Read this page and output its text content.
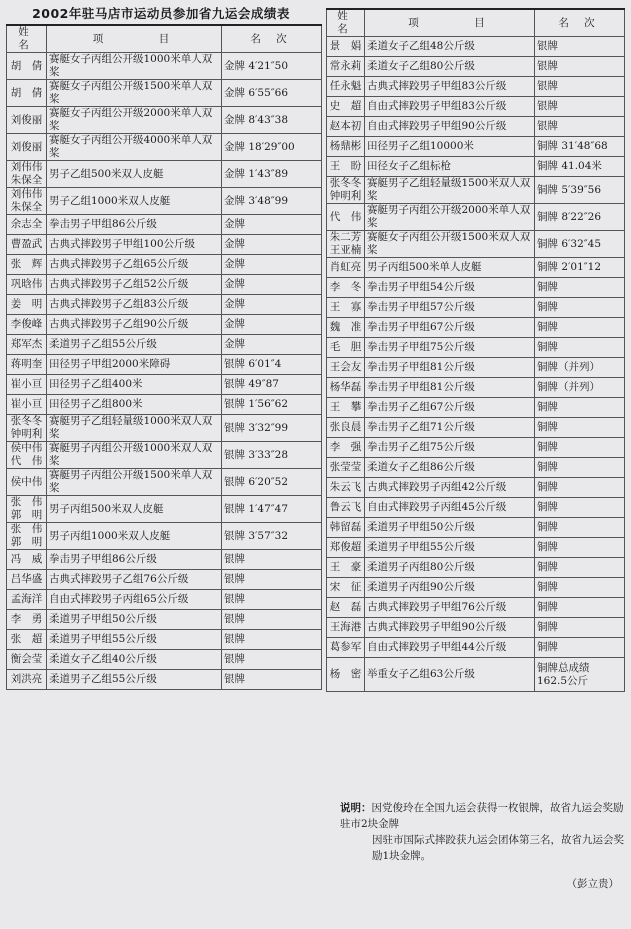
2002年驻马店市运动员参加省九运会成绩表
姓 名	项　　　目	名 次
胡　倩	赛艇女子丙组公开级1000米单人双桨	金牌 4′21″50
胡　倩	赛艇女子丙组公开级1500米单人双桨	金牌 6′55″66
刘俊丽	赛艇女子丙组公开级2000米单人双桨	金牌 8′43″38
刘俊丽	赛艇女子丙组公开级4000米单人双桨	金牌 18′29″00
刘伟伟 朱保全	男子乙组500米双人皮艇	金牌 1′43″89
刘伟伟 朱保全	男子乙组1000米双人皮艇	金牌 3′48″99
余志全	拳击男子甲组86公斤级	金牌
曹盈武	古典式摔跤男子甲组100公斤级	金牌
张　辉	古典式摔跤男子乙组65公斤级	金牌
巩晗伟	古典式摔跤男子乙组52公斤级	金牌
姜　明	古典式摔跤男子乙组83公斤级	金牌
李俊峰	古典式摔跤男子乙组90公斤级	金牌
郑军杰	柔道男子乙组55公斤级	金牌
蒋明奎	田径男子甲组2000米障碍	银牌 6′01″4
崔小亘	田径男子乙组400米	银牌 49″87
崔小亘	田径男子乙组800米	银牌 1′56″62
张冬冬 钟明利	赛艇男子乙组轻量级1000米双人双桨	银牌 3′32″99
侯中伟 代　伟	赛艇男子丙组公开级1000米双人双桨	银牌 3′33″28
侯中伟	赛艇男子丙组公开级1500米单人双桨	银牌 6′20″52
张　伟 郭　明	男子丙组500米双人皮艇	银牌 1′47″47
张　伟 郭　明	男子丙组1000米双人皮艇	银牌 3′57″32
冯　威	拳击男子甲组86公斤级	银牌
吕华盛	古典式摔跤男子乙组76公斤级	银牌
孟海洋	自由式摔跤男子丙组65公斤级	银牌
李　勇	柔道男子甲组50公斤级	银牌
张　超	柔道男子甲组55公斤级	银牌
衡会莹	柔道女子乙组40公斤级	银牌
刘洪亮	柔道男子乙组55公斤级	银牌
姓 名	项　　　目	名 次
景　娟	柔道女子乙组48公斤级	银牌
常永莉	柔道女子乙组80公斤级	银牌
任永魁	古典式摔跤男子甲组83公斤级	银牌
史　超	自由式摔跤男子甲组83公斤级	银牌
赵本初	自由式摔跤男子甲组90公斤级	银牌
杨鼎彬	田径男子乙组10000米	铜牌 31′48″68
王　盼	田径女子乙组标枪	铜牌 41.04米
张冬冬 钟明利	赛艇男子乙组轻量级1500米双人双桨	铜牌 5′39″56
代　伟	赛艇男子丙组公开级2000米单人双桨	铜牌 8′22″26
朱二芳 王亚楠	赛艇女子丙组公开级1500米双人双桨	铜牌 6′32″45
肖虹亮	男子丙组500米单人皮艇	铜牌 2′01″12
李　冬	拳击男子甲组54公斤级	铜牌
王　寡	拳击男子甲组57公斤级	铜牌
魏　准	拳击男子甲组67公斤级	铜牌
毛　胆	拳击男子甲组75公斤级	铜牌
王会友	拳击男子甲组81公斤级	铜牌（并列）
杨华磊	拳击男子甲组81公斤级	铜牌（并列）
王　攀	拳击男子乙组67公斤级	铜牌
张良晨	拳击男子乙组71公斤级	铜牌
李　强	拳击男子乙组75公斤级	铜牌
张莹莹	柔道女子乙组86公斤级	铜牌
朱云飞	古典式摔跤男子丙组42公斤级	铜牌
鲁云飞	自由式摔跤男子丙组45公斤级	铜牌
韩留磊	柔道男子甲组50公斤级	铜牌
郑俊超	柔道男子甲组55公斤级	铜牌
王　豪	柔道男子丙组80公斤级	铜牌
宋　征	柔道男子丙组90公斤级	铜牌
赵　磊	古典式摔跤男子甲组76公斤级	铜牌
王海港	古典式摔跤男子甲组90公斤级	铜牌
葛参军	自由式摔跤男子甲组44公斤级	铜牌
杨　密	举重女子乙组63公斤级	铜牌总成绩 162.5公斤
说明：因党俊玲在全国九运会获得一枚银牌，故省九运会奖励驻市2块金牌
因驻市国际式摔跤获九运会团体第三名，故省九运会奖励1块金牌。
（彭立贵）
